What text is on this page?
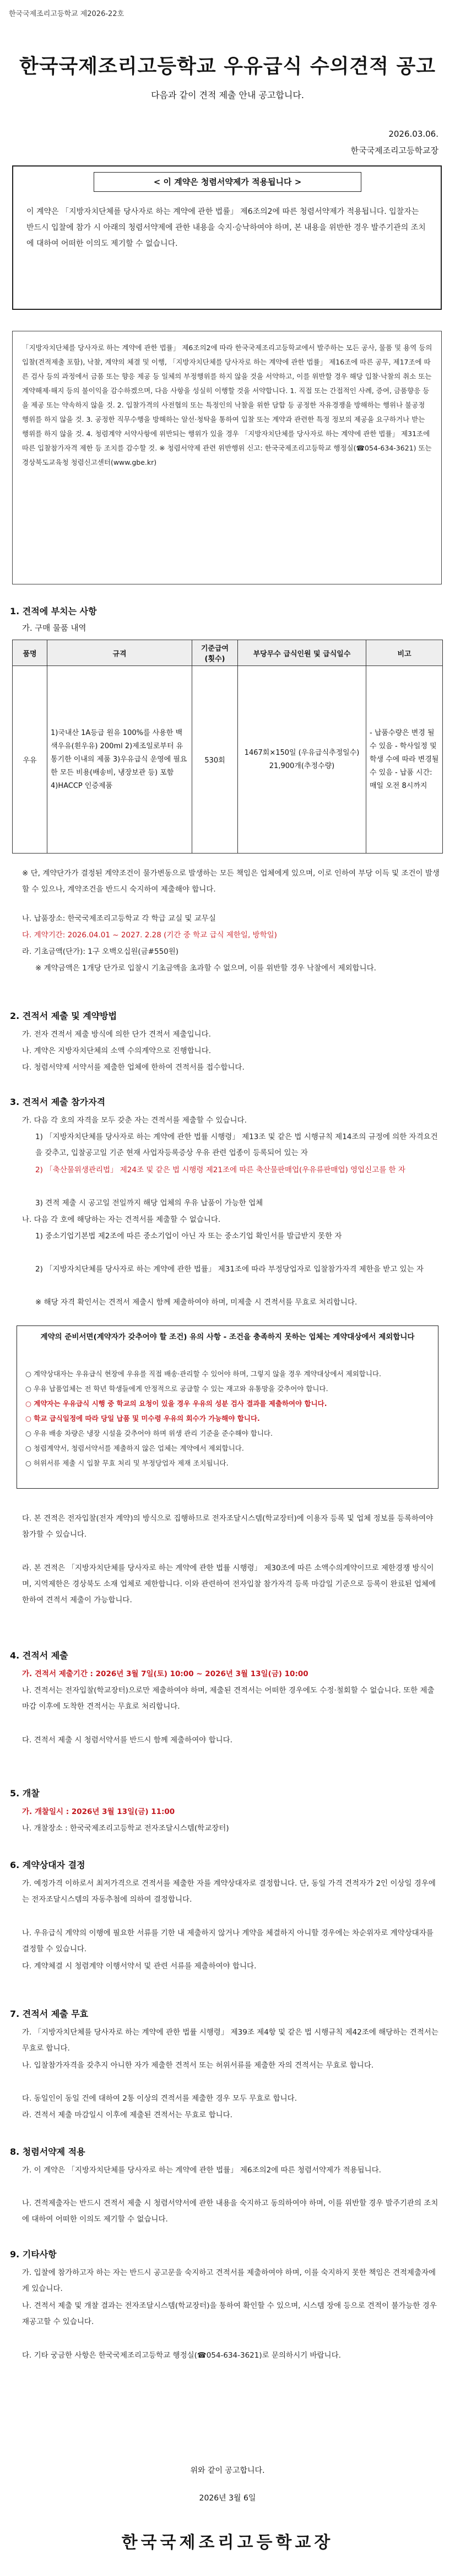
한국국제조리고등학교 제2026-22호
한국국제조리고등학교 우유급식 수의견적 공고
다음과 같이 견적 제출 안내 공고합니다.
2026.03.06.
한국국제조리고등학교장
< 이 계약은 청렴서약제가 적용됩니다 >
이 계약은 「지방자치단체를 당사자로 하는 계약에 관한 법률」 제6조의2에 따른 청렴서약제가 적용됩니다. 입찰자는 반드시 입찰에 참가 시 아래의 청렴서약제에 관한 내용을 숙지·승낙하여야 하며, 본 내용을 위반한 경우 발주기관의 조치에 대하여 어떠한 이의도 제기할 수 없습니다.
「지방자치단체를 당사자로 하는 계약에 관한 법률」 제6조의2에 따라 한국국제조리고등학교에서 발주하는 모든 공사, 물품 및 용역 등의 입찰(견적제출 포함), 낙찰, 계약의 체결 및 이행, 「지방자치단체를 당사자로 하는 계약에 관한 법률」 제16조에 따른 공무, 제17조에 따른 검사 등의 과정에서 금품 또는 향응 제공 등 일체의 부정행위를 하지 않을 것을 서약하고, 이를 위반할 경우 해당 입찰·낙찰의 취소 또는 계약해제·해지 등의 불이익을 감수하겠으며, 다음 사항을 성실히 이행할 것을 서약합니다. 1. 직접 또는 간접적인 사례, 증여, 금품향응 등을 제공 또는 약속하지 않을 것. 2. 입찰가격의 사전협의 또는 특정인의 낙찰을 위한 담합 등 공정한 자유경쟁을 방해하는 행위나 불공정 행위를 하지 않을 것. 3. 공정한 직무수행을 방해하는 알선·청탁을 통하여 입찰 또는 계약과 관련한 특정 정보의 제공을 요구하거나 받는 행위를 하지 않을 것. 4. 청렴계약 서약사항에 위반되는 행위가 있을 경우 「지방자치단체를 당사자로 하는 계약에 관한 법률」 제31조에 따른 입찰참가자격 제한 등 조치를 감수할 것. ※ 청렴서약제 관련 위반행위 신고: 한국국제조리고등학교 행정실(☎054-634-3621) 또는 경상북도교육청 청렴신고센터(www.gbe.kr)
1. 견적에 부치는 사항
가. 구매 물품 내역
품명	규격	기준급여 (횟수)	부당무수 급식인원 및 급식일수	비고
우유	1)국내산 1A등급 원유 100%를 사용한 백색우유(흰우유) 200ml 2)제조일로부터 유통기한 이내의 제품 3)우유급식 운영에 필요한 모든 비용(배송비, 냉장보관 등) 포함 4)HACCP 인증제품	530회	1467회×150일 (우유급식추정일수) 21,900개(추정수량)	- 납품수량은 변경 될 수 있음 - 학사일정 및 학생 수에 따라 변경될 수 있음 - 납품 시간: 매일 오전 8시까지
※ 단, 계약단가가 결정된 계약조건이 물가변동으로 발생하는 모든 책임은 업체에게 있으며, 이로 인하여 부당 이득 및 조건이 발생할 수 있으나, 계약조건을 반드시 숙지하여 제출해야 합니다.
나. 납품장소: 한국국제조리고등학교 각 학급 교실 및 교무실
다. 계약기간: 2026.04.01 ~ 2027. 2.28 (기간 중 학교 급식 제한일, 방학일)
라. 기초금액(단가): 1구 오백오십원(금#550원)
※ 계약금액은 1개당 단가로 입찰시 기초금액을 초과할 수 없으며, 이를 위반할 경우 낙찰에서 제외합니다.
2. 견적서 제출 및 계약방법
가. 전자 견적서 제출 방식에 의한 단가 견적서 제출입니다.
나. 계약은 지방자치단체의 소액 수의계약으로 진행합니다.
다. 청렴서약제 서약서를 제출한 업체에 한하여 견적서를 접수합니다.
3. 견적서 제출 참가자격
가. 다음 각 호의 자격을 모두 갖춘 자는 견적서를 제출할 수 있습니다.
1) 「지방자치단체를 당사자로 하는 계약에 관한 법률 시행령」 제13조 및 같은 법 시행규칙 제14조의 규정에 의한 자격요건을 갖추고, 입찰공고일 기준 현재 사업자등록증상 우유 관련 업종이 등록되어 있는 자
2) 「축산물위생관리법」 제24조 및 같은 법 시행령 제21조에 따른 축산물판매업(우유류판매업) 영업신고를 한 자
3) 견적 제출 시 공고일 전일까지 해당 업체의 우유 납품이 가능한 업체
나. 다음 각 호에 해당하는 자는 견적서를 제출할 수 없습니다.
1) 중소기업기본법 제2조에 따른 중소기업이 아닌 자 또는 중소기업 확인서를 발급받지 못한 자
2) 「지방자치단체를 당사자로 하는 계약에 관한 법률」 제31조에 따라 부정당업자로 입찰참가자격 제한을 받고 있는 자
※ 해당 자격 확인서는 견적서 제출시 함께 제출하여야 하며, 미제출 시 견적서를 무효로 처리합니다.
계약의 준비서면(계약자가 갖추어야 할 조건) 유의 사항 - 조건을 충족하지 못하는 업체는 계약대상에서 제외합니다
○ 계약상대자는 우유급식 현장에 우유를 직접 배송·관리할 수 있어야 하며, 그렇지 않을 경우 계약대상에서 제외합니다.
○ 우유 납품업체는 전 학년 학생들에게 안정적으로 공급할 수 있는 재고와 유통망을 갖추어야 합니다.
○ 계약자는 우유급식 시행 중 학교의 요청이 있을 경우 우유의 성분 검사 결과를 제출하여야 합니다.
○ 학교 급식일정에 따라 당일 납품 및 미수령 우유의 회수가 가능해야 합니다.
○ 우유 배송 차량은 냉장 시설을 갖추어야 하며 위생 관리 기준을 준수해야 합니다.
○ 청렴계약서, 청렴서약서를 제출하지 않은 업체는 계약에서 제외합니다.
○ 허위서류 제출 시 입찰 무효 처리 및 부정당업자 제재 조치됩니다.
다. 본 견적은 전자입찰(전자 계약)의 방식으로 집행하므로 전자조달시스템(학교장터)에 이용자 등록 및 업체 정보를 등록하여야 참가할 수 있습니다.
라. 본 견적은 「지방자치단체를 당사자로 하는 계약에 관한 법률 시행령」 제30조에 따른 소액수의계약이므로 제한경쟁 방식이며, 지역제한은 경상북도 소재 업체로 제한합니다. 이와 관련하여 전자입찰 참가자격 등록 마감일 기준으로 등록이 완료된 업체에 한하여 견적서 제출이 가능합니다.
4. 견적서 제출
가. 견적서 제출기간 : 2026년 3월 7일(토) 10:00 ~ 2026년 3월 13일(금) 10:00
나. 견적서는 전자입찰(학교장터)으로만 제출하여야 하며, 제출된 견적서는 어떠한 경우에도 수정·철회할 수 없습니다. 또한 제출 마감 이후에 도착한 견적서는 무효로 처리합니다.
다. 견적서 제출 시 청렴서약서를 반드시 함께 제출하여야 합니다.
5. 개찰
가. 개찰일시 : 2026년 3월 13일(금) 11:00
나. 개찰장소 : 한국국제조리고등학교 전자조달시스템(학교장터)
6. 계약상대자 결정
가. 예정가격 이하로서 최저가격으로 견적서를 제출한 자를 계약상대자로 결정합니다. 단, 동일 가격 견적자가 2인 이상일 경우에는 전자조달시스템의 자동추첨에 의하여 결정합니다.
나. 우유급식 계약의 이행에 필요한 서류를 기한 내 제출하지 않거나 계약을 체결하지 아니할 경우에는 차순위자로 계약상대자를 결정할 수 있습니다.
다. 계약체결 시 청렴계약 이행서약서 및 관련 서류를 제출하여야 합니다.
7. 견적서 제출 무효
가. 「지방자치단체를 당사자로 하는 계약에 관한 법률 시행령」 제39조 제4항 및 같은 법 시행규칙 제42조에 해당하는 견적서는 무효로 합니다.
나. 입찰참가자격을 갖추지 아니한 자가 제출한 견적서 또는 허위서류를 제출한 자의 견적서는 무효로 합니다.
다. 동일인이 동일 건에 대하여 2통 이상의 견적서를 제출한 경우 모두 무효로 합니다.
라. 견적서 제출 마감일시 이후에 제출된 견적서는 무효로 합니다.
8. 청렴서약제 적용
가. 이 계약은 「지방자치단체를 당사자로 하는 계약에 관한 법률」 제6조의2에 따른 청렴서약제가 적용됩니다.
나. 견적제출자는 반드시 견적서 제출 시 청렴서약서에 관한 내용을 숙지하고 동의하여야 하며, 이를 위반할 경우 발주기관의 조치에 대하여 어떠한 이의도 제기할 수 없습니다.
9. 기타사항
가. 입찰에 참가하고자 하는 자는 반드시 공고문을 숙지하고 견적서를 제출하여야 하며, 이를 숙지하지 못한 책임은 견적제출자에게 있습니다.
나. 견적서 제출 및 개찰 결과는 전자조달시스템(학교장터)을 통하여 확인할 수 있으며, 시스템 장애 등으로 견적이 불가능한 경우 재공고할 수 있습니다.
다. 기타 궁금한 사항은 한국국제조리고등학교 행정실(☎054-634-3621)로 문의하시기 바랍니다.
위와 같이 공고합니다.
2026년 3월 6일
한국국제조리고등학교장
